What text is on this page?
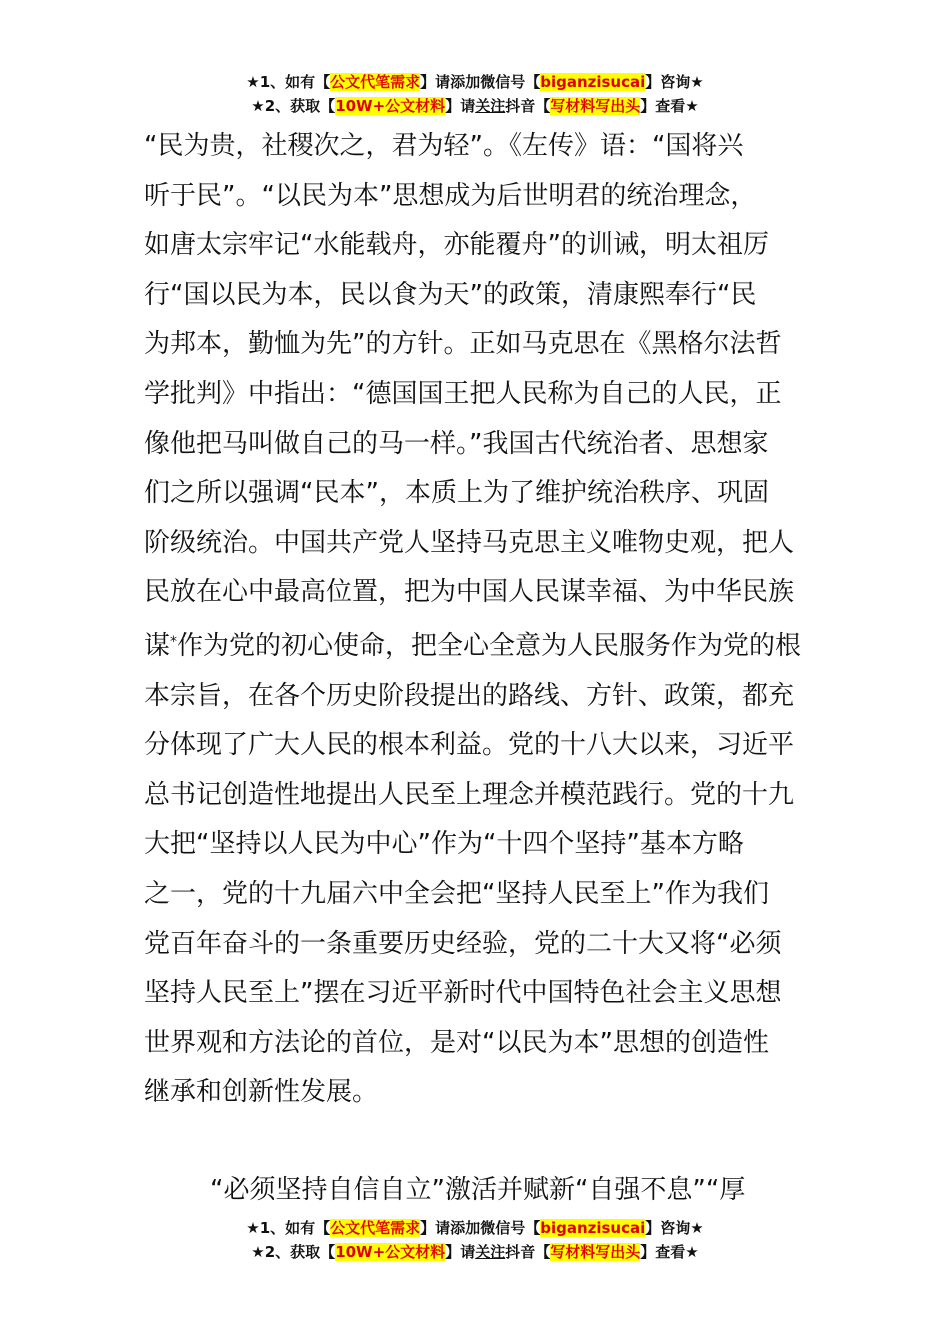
★1、如有【公文代笔需求】请添加微信号【biganzisucai】咨询★
★2、获取【10W+公文材料】请关注抖音【写材料写出头】查看★
“民为贵，社稷次之，君为轻”。《左传》语：“国将兴
听于民”。“以民为本”思想成为后世明君的统治理念，
如唐太宗牢记“水能载舟，亦能覆舟”的训诫，明太祖厉
行“国以民为本，民以食为天”的政策，清康熙奉行“民
为邦本，勤恤为先”的方针。正如马克思在《黑格尔法哲
学批判》中指出：“德国国王把人民称为自己的人民，正
像他把马叫做自己的马一样。”我国古代统治者、思想家
们之所以强调“民本”，本质上为了维护统治秩序、巩固
阶级统治。中国共产党人坚持马克思主义唯物史观，把人
民放在心中最高位置，把为中国人民谋幸福、为中华民族
谋*作为党的初心使命，把全心全意为人民服务作为党的根
本宗旨，在各个历史阶段提出的路线、方针、政策，都充
分体现了广大人民的根本利益。党的十八大以来，习近平
总书记创造性地提出人民至上理念并模范践行。党的十九
大把“坚持以人民为中心”作为“十四个坚持”基本方略
之一，党的十九届六中全会把“坚持人民至上”作为我们
党百年奋斗的一条重要历史经验，党的二十大又将“必须
坚持人民至上”摆在习近平新时代中国特色社会主义思想
世界观和方法论的首位，是对“以民为本”思想的创造性
继承和创新性发展。
“必须坚持自信自立”激活并赋新“自强不息”“厚
★1、如有【公文代笔需求】请添加微信号【biganzisucai】咨询★
★2、获取【10W+公文材料】请关注抖音【写材料写出头】查看★
